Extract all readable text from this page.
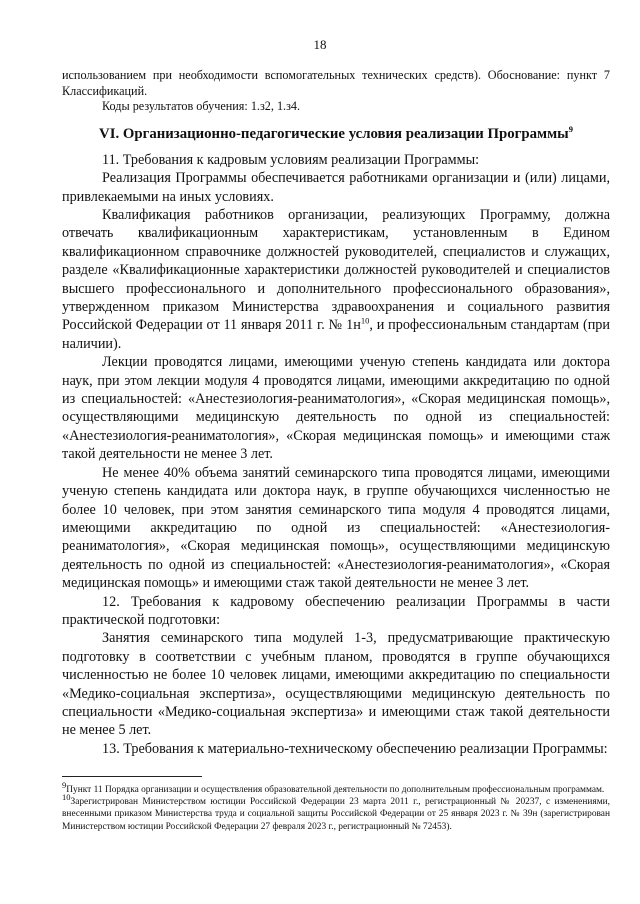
18

использованием при необходимости вспомогательных технических средств). Обоснование: пункт 7 Классификаций.

Коды результатов обучения: 1.з2, 1.з4.

VI. Организационно-педагогические условия реализации Программы$^9$

11. Требования к кадровым условиям реализации Программы:

Реализация Программы обеспечивается работниками организации и (или) лицами, привлекаемыми на иных условиях.

Квалификация работников организации, реализующих Программу, должна отвечать квалификационным характеристикам, установленным в Едином квалификационном справочнике должностей руководителей, специалистов и служащих, разделе «Квалификационные характеристики должностей руководителей и специалистов высшего профессионального и дополнительного профессионального образования», утвержденном приказом Министерства здравоохранения и социального развития Российской Федерации от 11 января 2011 г. № $1н^{10}$, и профессиональным стандартам (при наличии).

Лекции проводятся лицами, имеющими ученую степень кандидата или доктора наук, при этом лекции модуля 4 проводятся лицами, имеющими аккредитацию по одной из специальностей: «Анестезиология-реаниматология», «Скорая медицинская помощь», осуществляющими медицинскую деятельность по одной из специальностей: «Анестезиология-реаниматология», «Скорая медицинская помощь» и имеющими стаж такой деятельности не менее 3 лет.

Не менее 40% объема занятий семинарского типа проводятся лицами, имеющими ученую степень кандидата или доктора наук, в группе обучающихся численностью не более 10 человек, при этом занятия семинарского типа модуля 4 проводятся лицами, имеющими аккредитацию по одной из специальностей: «Анестезиология-реаниматология», «Скорая медицинская помощь», осуществляющими медицинскую деятельность по одной из специальностей: «Анестезиология-реаниматология», «Скорая медицинская помощь» и имеющими стаж такой деятельности не менее 3 лет.

12. Требования к кадровому обеспечению реализации Программы в части практической подготовки:

Занятия семинарского типа модулей 1-3, предусматривающие практическую подготовку в соответствии с учебным планом, проводятся в группе обучающихся численностью не более 10 человек лицами, имеющими аккредитацию по специальности «Медико-социальная экспертиза», осуществляющими медицинскую деятельность по специальности «Медико-социальная экспертиза» и имеющими стаж такой деятельности не менее 5 лет.

13. Требования к материально-техническому обеспечению реализации Программы:

$^9$Пункт 11 Порядка организации и осуществления образовательной деятельности по дополнительным профессиональным программам.

$^{10}$Зарегистрирован Министерством юстиции Российской Федерации 23 марта 2011 г., регистрационный № 20237, с изменениями, внесенными приказом Министерства труда и социальной защиты Российской Федерации от 25 января 2023 г. № 39н (зарегистрирован Министерством юстиции Российской Федерации 27 февраля 2023 г., регистрационный № 72453).
